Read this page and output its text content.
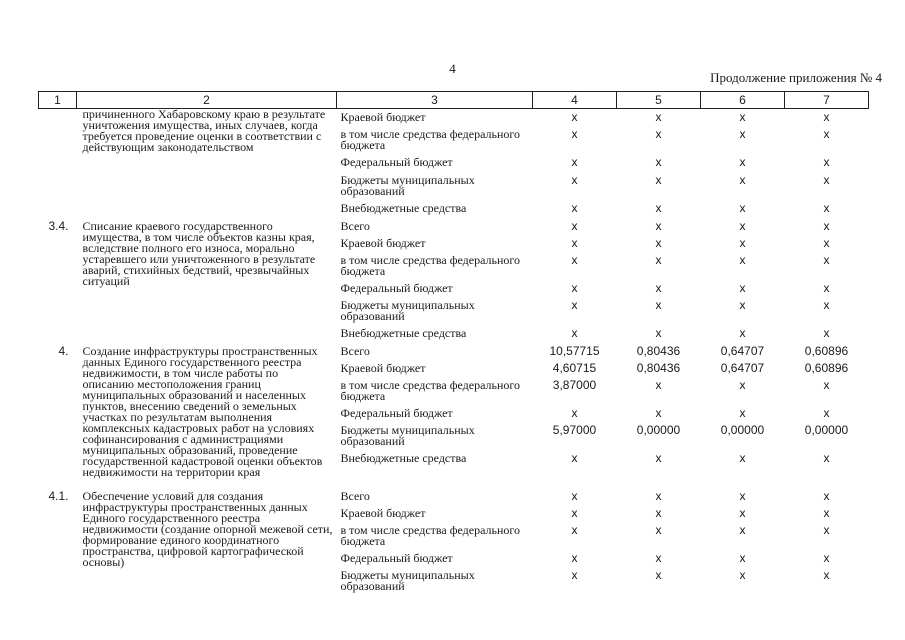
4
Продолжение приложения № 4
1	2	3	4	5	6	7
	причиненного Хабаровскому краю в результате уничтожения имущества, иных случаев, когда требуется проведение оценки в соответствии с действующим законодательством	Краевой бюджет	x	x	x	x
		в том числе средства федерального бюджета	x	x	x	x
		Федеральный бюджет	x	x	x	x
		Бюджеты муниципальных образований	x	x	x	x
		Внебюджетные средства	x	x	x	x
3.4.	Списание краевого государственного имущества, в том числе объектов казны края, вследствие полного его износа, морально устаревшего или уничтоженного в результате аварий, стихийных бедствий, чрезвычайных ситуаций	Всего	x	x	x	x
		Краевой бюджет	x	x	x	x
		в том числе средства федерального бюджета	x	x	x	x
		Федеральный бюджет	x	x	x	x
		Бюджеты муниципальных образований	x	x	x	x
		Внебюджетные средства	x	x	x	x
4.	Создание инфраструктуры пространственных данных Единого государственного реестра недвижимости, в том числе работы по описанию местоположения границ муниципальных образований и населенных пунктов, внесению сведений о земельных участках по результатам выполнения комплексных кадастровых работ на условиях софинансирования с администрациями муниципальных образований, проведение государственной кадастровой оценки объектов недвижимости на территории края	Всего	10,57715	0,80436	0,64707	0,60896
		Краевой бюджет	4,60715	0,80436	0,64707	0,60896
		в том числе средства федерального бюджета	3,87000	x	x	x
		Федеральный бюджет	x	x	x	x
		Бюджеты муниципальных образований	5,97000	0,00000	0,00000	0,00000
		Внебюджетные средства	x	x	x	x
4.1.	Обеспечение условий для создания инфраструктуры пространственных данных Единого государственного реестра недвижимости (создание опорной межевой сети, формирование единого координатного пространства, цифровой картографической основы)	Всего	x	x	x	x
		Краевой бюджет	x	x	x	x
		в том числе средства федерального бюджета	x	x	x	x
		Федеральный бюджет	x	x	x	x
		Бюджеты муниципальных образований	x	x	x	x
